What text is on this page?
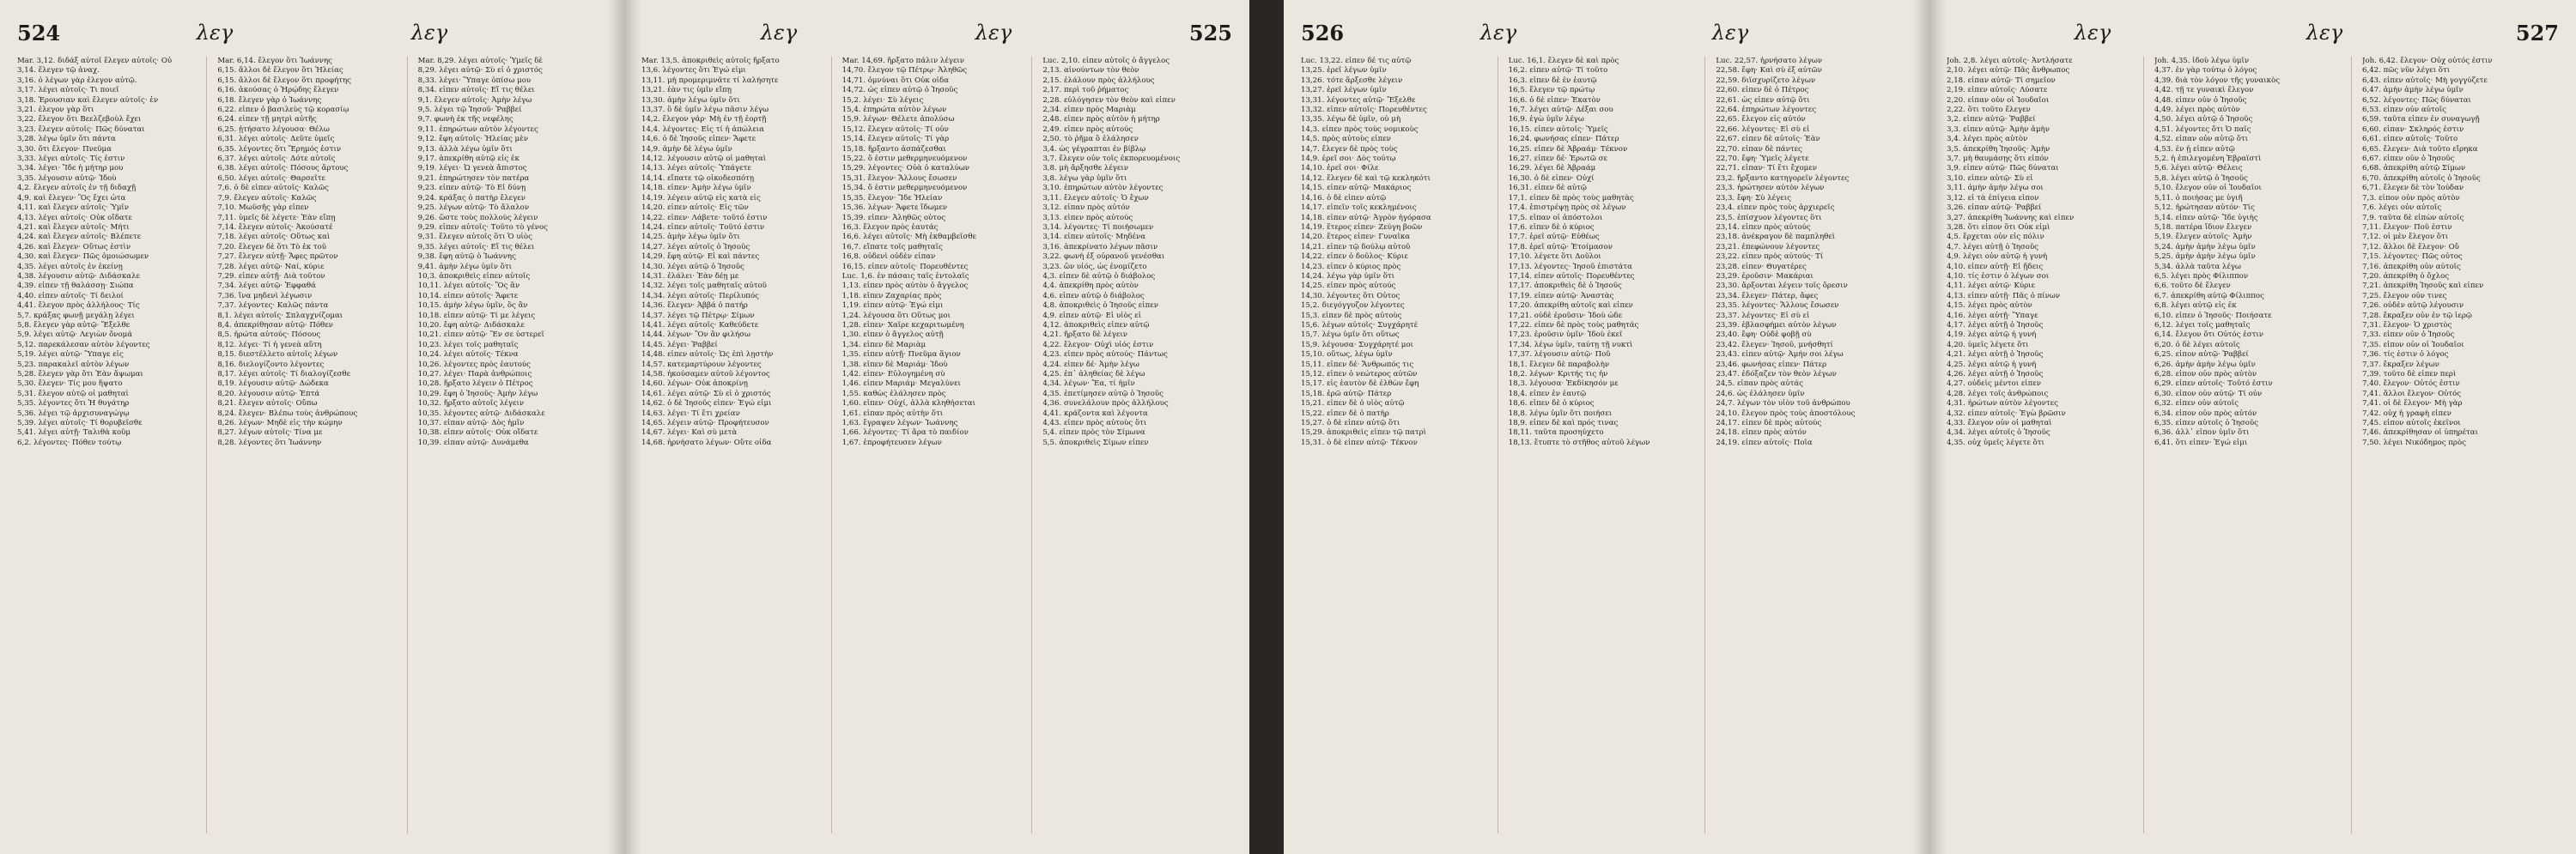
524	λεγ	λεγ
Mar. 3,12. διδάξ αὐτοῖ ἕλεγεν αὐτοῖς· Οὐ
3,14. ἕλεγεν τῷ ἁναχ.
3,16. ὁ λέγων γὰρ ἐλεγον αὐτῷ.
3,17. λέγει αὐτοῖς· Τι ποιεῖ
3,18. Ἐρουσιαν καὶ ἔλεγεν αὐτοῖς· ἐν
3,21. ἐλεγον γὰρ ὅτι
3,22. ἔλεγον ὅτι Βεελζεβοὺλ ἔχει
3,23. ἔλεγεν αὐτοῖς· Πῶς δύναται
3,28. λέγω ὑμῖν ὅτι πάντα
3,30. ὅτι ἔλεγον· Πνεῦμα
3,33. λέγει αὐτοῖς· Τίς ἐστιν
3,34. λέγει· Ἴδε ἡ μήτηρ μου
3,35. λέγουσιν αὐτῷ· Ἰδοὺ
4,2. ἔλεγεν αὐτοῖς ἐν τῇ διδαχῇ
4,9. καὶ ἔλεγεν· Ὃς ἔχει ὦτα
4,11. καὶ ἔλεγεν αὐτοῖς· Ὑμῖν
4,13. λέγει αὐτοῖς· Οὐκ οἴδατε
4,21. καὶ ἔλεγεν αὐτοῖς· Μήτι
4,24. καὶ ἔλεγεν αὐτοῖς· Βλέπετε
4,26. καὶ ἔλεγεν· Οὕτως ἐστὶν
4,30. καὶ ἔλεγεν· Πῶς ὁμοιώσωμεν
4,35. λέγει αὐτοῖς ἐν ἐκείνῃ
4,38. λέγουσιν αὐτῷ· Διδάσκαλε
4,39. εἶπεν τῇ θαλάσσῃ· Σιώπα
4,40. εἶπεν αὐτοῖς· Τί δειλοί
4,41. ἔλεγον πρὸς ἀλλήλους· Τίς
5,7. κράξας φωνῇ μεγάλῃ λέγει
5,8. ἔλεγεν γὰρ αὐτῷ· Ἔξελθε
5,9. λέγει αὐτῷ· Λεγιὼν ὄνομά
5,12. παρεκάλεσαν αὐτὸν λέγοντες
5,19. λέγει αὐτῷ· Ὕπαγε εἰς
5,23. παρακαλεῖ αὐτὸν λέγων
5,28. ἔλεγεν γὰρ ὅτι Ἐὰν ἅψωμαι
5,30. ἔλεγεν· Τίς μου ἥψατο
5,31. ἔλεγον αὐτῷ οἱ μαθηταὶ
5,35. λέγοντες ὅτι Ἡ θυγάτηρ
5,36. λέγει τῷ ἀρχισυναγώγῳ
5,39. λέγει αὐτοῖς· Τί θορυβεῖσθε
5,41. λέγει αὐτῇ· Ταλιθὰ κοῦμ
6,2. λέγοντες· Πόθεν τούτῳ
Mar. 6,14. ἔλεγον ὅτι Ἰωάννης
6,15. ἄλλοι δὲ ἔλεγον ὅτι Ἠλείας
6,15. ἄλλοι δὲ ἔλεγον ὅτι προφήτης
6,16. ἀκούσας ὁ Ἡρῴδης ἔλεγεν
6,18. ἔλεγεν γὰρ ὁ Ἰωάννης
6,22. εἶπεν ὁ βασιλεὺς τῷ κορασίῳ
6,24. εἶπεν τῇ μητρὶ αὐτῆς
6,25. ᾐτήσατο λέγουσα· Θέλω
6,31. λέγει αὐτοῖς· Δεῦτε ὑμεῖς
6,35. λέγοντες ὅτι Ἔρημός ἐστιν
6,37. λέγει αὐτοῖς· Δότε αὐτοῖς
6,38. λέγει αὐτοῖς· Πόσους ἄρτους
6,50. λέγει αὐτοῖς· Θαρσεῖτε
7,6. ὁ δὲ εἶπεν αὐτοῖς· Καλῶς
7,9. ἔλεγεν αὐτοῖς· Καλῶς
7,10. Μωϋσῆς γὰρ εἶπεν
7,11. ὑμεῖς δὲ λέγετε· Ἐὰν εἴπῃ
7,14. ἔλεγεν αὐτοῖς· Ἀκούσατέ
7,18. λέγει αὐτοῖς· Οὕτως καὶ
7,20. ἔλεγεν δὲ ὅτι Τὸ ἐκ τοῦ
7,27. ἔλεγεν αὐτῇ· Ἄφες πρῶτον
7,28. λέγει αὐτῷ· Ναί, κύριε
7,29. εἶπεν αὐτῇ· Διὰ τοῦτον
7,34. λέγει αὐτῷ· Ἐφφαθά
7,36. ἵνα μηδενὶ λέγωσιν
7,37. λέγοντες· Καλῶς πάντα
8,1. λέγει αὐτοῖς· Σπλαγχνίζομαι
8,4. ἀπεκρίθησαν αὐτῷ· Πόθεν
8,5. ἠρώτα αὐτούς· Πόσους
8,12. λέγει· Τί ἡ γενεὰ αὕτη
8,15. διεστέλλετο αὐτοῖς λέγων
8,16. διελογίζοντο λέγοντες
8,17. λέγει αὐτοῖς· Τί διαλογίζεσθε
8,19. λέγουσιν αὐτῷ· Δώδεκα
8,20. λέγουσιν αὐτῷ· Ἑπτά
8,21. ἔλεγεν αὐτοῖς· Οὔπω
8,24. ἔλεγεν· Βλέπω τοὺς ἀνθρώπους
8,26. λέγων· Μηδὲ εἰς τὴν κώμην
8,27. λέγων αὐτοῖς· Τίνα με
8,28. λέγοντες ὅτι Ἰωάννην
Mar. 8,29. λέγει αὐτοῖς· Ὑμεῖς δὲ
8,29. λέγει αὐτῷ· Σὺ εἶ ὁ χριστός
8,33. λέγει· Ὕπαγε ὀπίσω μου
8,34. εἶπεν αὐτοῖς· Εἴ τις θέλει
9,1. ἔλεγεν αὐτοῖς· Ἀμὴν λέγω
9,5. λέγει τῷ Ἰησοῦ· Ῥαββεί
9,7. φωνὴ ἐκ τῆς νεφέλης
9,11. ἐπηρώτων αὐτὸν λέγοντες
9,12. ἔφη αὐτοῖς· Ἠλείας μὲν
9,13. ἀλλὰ λέγω ὑμῖν ὅτι
9,17. ἀπεκρίθη αὐτῷ εἷς ἐκ
9,19. λέγει· Ὦ γενεὰ ἄπιστος
9,21. ἐπηρώτησεν τὸν πατέρα
9,23. εἶπεν αὐτῷ· Τὸ Εἰ δύνῃ
9,24. κράξας ὁ πατὴρ ἔλεγεν
9,25. λέγων αὐτῷ· Τὸ ἄλαλον
9,26. ὥστε τοὺς πολλοὺς λέγειν
9,29. εἶπεν αὐτοῖς· Τοῦτο τὸ γένος
9,31. ἔλεγεν αὐτοῖς ὅτι Ὁ υἱὸς
9,35. λέγει αὐτοῖς· Εἴ τις θέλει
9,38. ἔφη αὐτῷ ὁ Ἰωάννης
9,41. ἀμὴν λέγω ὑμῖν ὅτι
10,3. ἀποκριθεὶς εἶπεν αὐτοῖς
10,11. λέγει αὐτοῖς· Ὃς ἂν
10,14. εἶπεν αὐτοῖς· Ἄφετε
10,15. ἀμὴν λέγω ὑμῖν, ὃς ἂν
10,18. εἶπεν αὐτῷ· Τί με λέγεις
10,20. ἔφη αὐτῷ· Διδάσκαλε
10,21. εἶπεν αὐτῷ· Ἕν σε ὑστερεῖ
10,23. λέγει τοῖς μαθηταῖς
10,24. λέγει αὐτοῖς· Τέκνα
10,26. λέγοντες πρὸς ἑαυτούς
10,27. λέγει· Παρὰ ἀνθρώποις
10,28. ἤρξατο λέγειν ὁ Πέτρος
10,29. ἔφη ὁ Ἰησοῦς· Ἀμὴν λέγω
10,32. ἤρξατο αὐτοῖς λέγειν
10,35. λέγοντες αὐτῷ· Διδάσκαλε
10,37. εἶπαν αὐτῷ· Δὸς ἡμῖν
10,38. εἶπεν αὐτοῖς· Οὐκ οἴδατε
10,39. εἶπαν αὐτῷ· Δυνάμεθα
λεγ	λεγ	525
Mar. 13,5. ἀποκριθεὶς αὐτοῖς ἤρξατο
13,6. λέγοντες ὅτι Ἐγώ εἰμι
13,11. μὴ προμεριμνᾶτε τί λαλήσητε
13,21. ἐὰν τις ὑμῖν εἴπῃ
13,30. ἀμὴν λέγω ὑμῖν ὅτι
13,37. ὃ δὲ ὑμῖν λέγω πᾶσιν λέγω
14,2. ἔλεγον γάρ· Μὴ ἐν τῇ ἑορτῇ
14,4. λέγοντες· Εἰς τί ἡ ἀπώλεια
14,6. ὁ δὲ Ἰησοῦς εἶπεν· Ἄφετε
14,9. ἀμὴν δὲ λέγω ὑμῖν
14,12. λέγουσιν αὐτῷ οἱ μαθηταὶ
14,13. λέγει αὐτοῖς· Ὑπάγετε
14,14. εἴπατε τῷ οἰκοδεσπότῃ
14,18. εἶπεν· Ἀμὴν λέγω ὑμῖν
14,19. λέγειν αὐτῷ εἷς κατὰ εἷς
14,20. εἶπεν αὐτοῖς· Εἷς τῶν
14,22. εἶπεν· Λάβετε· τοῦτό ἐστιν
14,24. εἶπεν αὐτοῖς· Τοῦτό ἐστιν
14,25. ἀμὴν λέγω ὑμῖν ὅτι
14,27. λέγει αὐτοῖς ὁ Ἰησοῦς
14,29. ἔφη αὐτῷ· Εἰ καὶ πάντες
14,30. λέγει αὐτῷ ὁ Ἰησοῦς
14,31. ἐλάλει· Ἐὰν δέῃ με
14,32. λέγει τοῖς μαθηταῖς αὐτοῦ
14,34. λέγει αὐτοῖς· Περίλυπός
14,36. ἔλεγεν· Ἀββά ὁ πατήρ
14,37. λέγει τῷ Πέτρῳ· Σίμων
14,41. λέγει αὐτοῖς· Καθεύδετε
14,44. λέγων· Ὃν ἂν φιλήσω
14,45. λέγει· Ῥαββεί
14,48. εἶπεν αὐτοῖς· Ὡς ἐπὶ λῃστὴν
14,57. κατεμαρτύρουν λέγοντες
14,58. ἠκούσαμεν αὐτοῦ λέγοντος
14,60. λέγων· Οὐκ ἀποκρίνῃ
14,61. λέγει αὐτῷ· Σὺ εἶ ὁ χριστός
14,62. ὁ δὲ Ἰησοῦς εἶπεν· Ἐγώ εἰμι
14,63. λέγει· Τί ἔτι χρείαν
14,65. λέγειν αὐτῷ· Προφήτευσον
14,67. λέγει· Καὶ σὺ μετὰ
14,68. ἠρνήσατο λέγων· Οὔτε οἶδα
Mar. 14,69. ἤρξατο πάλιν λέγειν
14,70. ἔλεγον τῷ Πέτρῳ· Ἀληθῶς
14,71. ὀμνύναι ὅτι Οὐκ οἶδα
14,72. ὡς εἶπεν αὐτῷ ὁ Ἰησοῦς
15,2. λέγει· Σὺ λέγεις
15,4. ἐπηρώτα αὐτὸν λέγων
15,9. λέγων· Θέλετε ἀπολύσω
15,12. ἔλεγεν αὐτοῖς· Τί οὖν
15,14. ἔλεγεν αὐτοῖς· Τί γὰρ
15,18. ἤρξαντο ἀσπάζεσθαι
15,22. ὅ ἐστιν μεθερμηνευόμενον
15,29. λέγοντες· Οὐὰ ὁ καταλύων
15,31. ἔλεγον· Ἄλλους ἔσωσεν
15,34. ὅ ἐστιν μεθερμηνευόμενον
15,35. ἔλεγον· Ἴδε Ἠλείαν
15,36. λέγων· Ἄφετε ἴδωμεν
15,39. εἶπεν· Ἀληθῶς οὗτος
16,3. ἔλεγον πρὸς ἑαυτάς
16,6. λέγει αὐτοῖς· Μὴ ἐκθαμβεῖσθε
16,7. εἴπατε τοῖς μαθηταῖς
16,8. οὐδενὶ οὐδὲν εἶπαν
16,15. εἶπεν αὐτοῖς· Πορευθέντες
Luc. 1,6. ἐν πάσαις ταῖς ἐντολαῖς
1,13. εἶπεν πρὸς αὐτὸν ὁ ἄγγελος
1,18. εἶπεν Ζαχαρίας πρὸς
1,19. εἶπεν αὐτῷ· Ἐγώ εἰμι
1,24. λέγουσα ὅτι Οὕτως μοι
1,28. εἶπεν· Χαῖρε κεχαριτωμένη
1,30. εἶπεν ὁ ἄγγελος αὐτῇ
1,34. εἶπεν δὲ Μαριὰμ
1,35. εἶπεν αὐτῇ· Πνεῦμα ἅγιον
1,38. εἶπεν δὲ Μαριάμ· Ἰδοὺ
1,42. εἶπεν· Εὐλογημένη σὺ
1,46. εἶπεν Μαριάμ· Μεγαλύνει
1,55. καθὼς ἐλάλησεν πρὸς
1,60. εἶπεν· Οὐχί, ἀλλὰ κληθήσεται
1,61. εἶπαν πρὸς αὐτὴν ὅτι
1,63. ἔγραψεν λέγων· Ἰωάννης
1,66. λέγοντες· Τί ἄρα τὸ παιδίον
1,67. ἐπροφήτευσεν λέγων
Luc. 2,10. εἶπεν αὐτοῖς ὁ ἄγγελος
2,13. αἰνούντων τὸν θεὸν
2,15. ἐλάλουν πρὸς ἀλλήλους
2,17. περὶ τοῦ ῥήματος
2,28. εὐλόγησεν τὸν θεὸν καὶ εἶπεν
2,34. εἶπεν πρὸς Μαριὰμ
2,48. εἶπεν πρὸς αὐτὸν ἡ μήτηρ
2,49. εἶπεν πρὸς αὐτούς
2,50. τὸ ῥῆμα ὃ ἐλάλησεν
3,4. ὡς γέγραπται ἐν βίβλῳ
3,7. ἔλεγεν οὖν τοῖς ἐκπορευομένοις
3,8. μὴ ἄρξησθε λέγειν
3,8. λέγω γὰρ ὑμῖν ὅτι
3,10. ἐπηρώτων αὐτὸν λέγοντες
3,11. ἔλεγεν αὐτοῖς· Ὁ ἔχων
3,12. εἶπαν πρὸς αὐτόν
3,13. εἶπεν πρὸς αὐτούς
3,14. λέγοντες· Τί ποιήσωμεν
3,14. εἶπεν αὐτοῖς· Μηδένα
3,16. ἀπεκρίνατο λέγων πᾶσιν
3,22. φωνὴ ἐξ οὐρανοῦ γενέσθαι
3,23. ὢν υἱός, ὡς ἐνομίζετο
4,3. εἶπεν δὲ αὐτῷ ὁ διάβολος
4,4. ἀπεκρίθη πρὸς αὐτὸν
4,6. εἶπεν αὐτῷ ὁ διάβολος
4,8. ἀποκριθεὶς ὁ Ἰησοῦς εἶπεν
4,9. εἶπεν αὐτῷ· Εἰ υἱὸς εἶ
4,12. ἀποκριθεὶς εἶπεν αὐτῷ
4,21. ἤρξατο δὲ λέγειν
4,22. ἔλεγον· Οὐχὶ υἱός ἐστιν
4,23. εἶπεν πρὸς αὐτούς· Πάντως
4,24. εἶπεν δέ· Ἀμὴν λέγω
4,25. ἐπ᾽ ἀληθείας δὲ λέγω
4,34. λέγων· Ἔα, τί ἡμῖν
4,35. ἐπετίμησεν αὐτῷ ὁ Ἰησοῦς
4,36. συνελάλουν πρὸς ἀλλήλους
4,41. κράζοντα καὶ λέγοντα
4,43. εἶπεν πρὸς αὐτοὺς ὅτι
5,4. εἶπεν πρὸς τὸν Σίμωνα
5,5. ἀποκριθεὶς Σίμων εἶπεν
526	λεγ	λεγ
Luc. 13,22. εἶπεν δέ τις αὐτῷ
13,25. ἐρεῖ λέγων ὑμῖν
13,26. τότε ἄρξεσθε λέγειν
13,27. ἐρεῖ λέγων ὑμῖν
13,31. λέγοντες αὐτῷ· Ἔξελθε
13,32. εἶπεν αὐτοῖς· Πορευθέντες
13,35. λέγω δὲ ὑμῖν, οὐ μὴ
14,3. εἶπεν πρὸς τοὺς νομικοὺς
14,5. πρὸς αὐτοὺς εἶπεν
14,7. ἔλεγεν δὲ πρὸς τοὺς
14,9. ἐρεῖ σοι· Δὸς τούτῳ
14,10. ἐρεῖ σοι· Φίλε
14,12. ἔλεγεν δὲ καὶ τῷ κεκληκότι
14,15. εἶπεν αὐτῷ· Μακάριος
14,16. ὁ δὲ εἶπεν αὐτῷ
14,17. εἰπεῖν τοῖς κεκλημένοις
14,18. εἶπεν αὐτῷ· Ἀγρὸν ἠγόρασα
14,19. ἕτερος εἶπεν· Ζεύγη βοῶν
14,20. ἕτερος εἶπεν· Γυναῖκα
14,21. εἶπεν τῷ δούλῳ αὐτοῦ
14,22. εἶπεν ὁ δοῦλος· Κύριε
14,23. εἶπεν ὁ κύριος πρὸς
14,24. λέγω γὰρ ὑμῖν ὅτι
14,25. εἶπεν πρὸς αὐτούς
14,30. λέγοντες ὅτι Οὗτος
15,2. διεγόγγυζον λέγοντες
15,3. εἶπεν δὲ πρὸς αὐτοὺς
15,6. λέγων αὐτοῖς· Συγχάρητέ
15,7. λέγω ὑμῖν ὅτι οὕτως
15,9. λέγουσα· Συγχάρητέ μοι
15,10. οὕτως, λέγω ὑμῖν
15,11. εἶπεν δέ· Ἄνθρωπός τις
15,12. εἶπεν ὁ νεώτερος αὐτῶν
15,17. εἰς ἑαυτὸν δὲ ἐλθὼν ἔφη
15,18. ἐρῶ αὐτῷ· Πάτερ
15,21. εἶπεν δὲ ὁ υἱὸς αὐτῷ
15,22. εἶπεν δὲ ὁ πατὴρ
15,27. ὁ δὲ εἶπεν αὐτῷ ὅτι
15,29. ἀποκριθεὶς εἶπεν τῷ πατρὶ
15,31. ὁ δὲ εἶπεν αὐτῷ· Τέκνον
Luc. 16,1. ἔλεγεν δὲ καὶ πρὸς
16,2. εἶπεν αὐτῷ· Τί τοῦτο
16,3. εἶπεν δὲ ἐν ἑαυτῷ
16,5. ἔλεγεν τῷ πρώτῳ
16,6. ὁ δὲ εἶπεν· Ἑκατὸν
16,7. λέγει αὐτῷ· Δέξαι σου
16,9. ἐγὼ ὑμῖν λέγω
16,15. εἶπεν αὐτοῖς· Ὑμεῖς
16,24. φωνήσας εἶπεν· Πάτερ
16,25. εἶπεν δὲ Ἀβραάμ· Τέκνον
16,27. εἶπεν δέ· Ἐρωτῶ σε
16,29. λέγει δὲ Ἀβραάμ
16,30. ὁ δὲ εἶπεν· Οὐχί
16,31. εἶπεν δὲ αὐτῷ
17,1. εἶπεν δὲ πρὸς τοὺς μαθητὰς
17,4. ἐπιστρέψῃ πρὸς σὲ λέγων
17,5. εἶπαν οἱ ἀπόστολοι
17,6. εἶπεν δὲ ὁ κύριος
17,7. ἐρεῖ αὐτῷ· Εὐθέως
17,8. ἐρεῖ αὐτῷ· Ἑτοίμασον
17,10. λέγετε ὅτι Δοῦλοι
17,13. λέγοντες· Ἰησοῦ ἐπιστάτα
17,14. εἶπεν αὐτοῖς· Πορευθέντες
17,17. ἀποκριθεὶς δὲ ὁ Ἰησοῦς
17,19. εἶπεν αὐτῷ· Ἀναστὰς
17,20. ἀπεκρίθη αὐτοῖς καὶ εἶπεν
17,21. οὐδὲ ἐροῦσιν· Ἰδοὺ ὧδε
17,22. εἶπεν δὲ πρὸς τοὺς μαθητάς
17,23. ἐροῦσιν ὑμῖν· Ἰδοὺ ἐκεῖ
17,34. λέγω ὑμῖν, ταύτῃ τῇ νυκτὶ
17,37. λέγουσιν αὐτῷ· Ποῦ
18,1. ἔλεγεν δὲ παραβολὴν
18,2. λέγων· Κριτής τις ἦν
18,3. λέγουσα· Ἐκδίκησόν με
18,4. εἶπεν ἐν ἑαυτῷ
18,6. εἶπεν δὲ ὁ κύριος
18,8. λέγω ὑμῖν ὅτι ποιήσει
18,9. εἶπεν δὲ καὶ πρός τινας
18,11. ταῦτα προσηύχετο
18,13. ἔτυπτε τὸ στῆθος αὐτοῦ λέγων
Luc. 22,57. ἠρνήσατο λέγων
22,58. ἔφη· Καὶ σὺ ἐξ αὐτῶν
22,59. διϊσχυρίζετο λέγων
22,60. εἶπεν δὲ ὁ Πέτρος
22,61. ὡς εἶπεν αὐτῷ ὅτι
22,64. ἐπηρώτων λέγοντες
22,65. ἔλεγον εἰς αὐτόν
22,66. λέγοντες· Εἰ σὺ εἶ
22,67. εἶπεν δὲ αὐτοῖς· Ἐὰν
22,70. εἶπαν δὲ πάντες
22,70. ἔφη· Ὑμεῖς λέγετε
22,71. εἶπαν· Τί ἔτι ἔχομεν
23,2. ἤρξαντο κατηγορεῖν λέγοντες
23,3. ἠρώτησεν αὐτὸν λέγων
23,3. ἔφη· Σὺ λέγεις
23,4. εἶπεν πρὸς τοὺς ἀρχιερεῖς
23,5. ἐπίσχυον λέγοντες ὅτι
23,14. εἶπεν πρὸς αὐτούς
23,18. ἀνέκραγον δὲ παμπληθεὶ
23,21. ἐπεφώνουν λέγοντες
23,22. εἶπεν πρὸς αὐτούς· Τί
23,28. εἶπεν· Θυγατέρες
23,29. ἐροῦσιν· Μακάριαι
23,30. ἄρξονται λέγειν τοῖς ὄρεσιν
23,34. ἔλεγεν· Πάτερ, ἄφες
23,35. λέγοντες· Ἄλλους ἔσωσεν
23,37. λέγοντες· Εἰ σὺ εἶ
23,39. ἐβλασφήμει αὐτὸν λέγων
23,40. ἔφη· Οὐδὲ φοβῇ σὺ
23,42. ἔλεγεν· Ἰησοῦ, μνήσθητί
23,43. εἶπεν αὐτῷ· Ἀμήν σοι λέγω
23,46. φωνήσας εἶπεν· Πάτερ
23,47. ἐδόξαζεν τὸν θεὸν λέγων
24,5. εἶπαν πρὸς αὐτάς
24,6. ὡς ἐλάλησεν ὑμῖν
24,7. λέγων τὸν υἱὸν τοῦ ἀνθρώπου
24,10. ἔλεγον πρὸς τοὺς ἀποστόλους
24,17. εἶπεν δὲ πρὸς αὐτούς
24,18. εἶπεν πρὸς αὐτόν
24,19. εἶπεν αὐτοῖς· Ποῖα
λεγ	λεγ	527
Joh. 2,8. λέγει αὐτοῖς· Ἀντλήσατε
2,10. λέγει αὐτῷ· Πᾶς ἄνθρωπος
2,18. εἶπαν αὐτῷ· Τί σημεῖον
2,19. εἶπεν αὐτοῖς· Λύσατε
2,20. εἶπαν οὖν οἱ Ἰουδαῖοι
2,22. ὅτι τοῦτο ἔλεγεν
3,2. εἶπεν αὐτῷ· Ῥαββεί
3,3. εἶπεν αὐτῷ· Ἀμὴν ἀμὴν
3,4. λέγει πρὸς αὐτὸν
3,5. ἀπεκρίθη Ἰησοῦς· Ἀμὴν
3,7. μὴ θαυμάσῃς ὅτι εἶπόν
3,9. εἶπεν αὐτῷ· Πῶς δύναται
3,10. εἶπεν αὐτῷ· Σὺ εἶ
3,11. ἀμὴν ἀμὴν λέγω σοι
3,12. εἰ τὰ ἐπίγεια εἶπον
3,26. εἶπαν αὐτῷ· Ῥαββεί
3,27. ἀπεκρίθη Ἰωάννης καὶ εἶπεν
3,28. ὅτι εἶπον ὅτι Οὐκ εἰμὶ
4,5. ἔρχεται οὖν εἰς πόλιν
4,7. λέγει αὐτῇ ὁ Ἰησοῦς
4,9. λέγει οὖν αὐτῷ ἡ γυνὴ
4,10. εἶπεν αὐτῇ· Εἰ ᾔδεις
4,10. τίς ἐστιν ὁ λέγων σοι
4,11. λέγει αὐτῷ· Κύριε
4,13. εἶπεν αὐτῇ· Πᾶς ὁ πίνων
4,15. λέγει πρὸς αὐτὸν
4,16. λέγει αὐτῇ· Ὕπαγε
4,17. λέγει αὐτῇ ὁ Ἰησοῦς
4,19. λέγει αὐτῷ ἡ γυνή
4,20. ὑμεῖς λέγετε ὅτι
4,21. λέγει αὐτῇ ὁ Ἰησοῦς
4,25. λέγει αὐτῷ ἡ γυνή
4,26. λέγει αὐτῇ ὁ Ἰησοῦς
4,27. οὐδεὶς μέντοι εἶπεν
4,28. λέγει τοῖς ἀνθρώποις
4,31. ἠρώτων αὐτὸν λέγοντες
4,32. εἶπεν αὐτοῖς· Ἐγὼ βρῶσιν
4,33. ἔλεγον οὖν οἱ μαθηταὶ
4,34. λέγει αὐτοῖς ὁ Ἰησοῦς
4,35. οὐχ ὑμεῖς λέγετε ὅτι
Joh. 4,35. ἰδοὺ λέγω ὑμῖν
4,37. ἐν γὰρ τούτῳ ὁ λόγος
4,39. διὰ τὸν λόγον τῆς γυναικὸς
4,42. τῇ τε γυναικὶ ἔλεγον
4,48. εἶπεν οὖν ὁ Ἰησοῦς
4,49. λέγει πρὸς αὐτὸν
4,50. λέγει αὐτῷ ὁ Ἰησοῦς
4,51. λέγοντες ὅτι Ὁ παῖς
4,52. εἶπαν οὖν αὐτῷ ὅτι
4,53. ἐν ᾗ εἶπεν αὐτῷ
5,2. ἡ ἐπιλεγομένη Ἑβραϊστὶ
5,6. λέγει αὐτῷ· Θέλεις
5,8. λέγει αὐτῷ ὁ Ἰησοῦς
5,10. ἔλεγον οὖν οἱ Ἰουδαῖοι
5,11. ὁ ποιήσας με ὑγιῆ
5,12. ἠρώτησαν αὐτόν· Τίς
5,14. εἶπεν αὐτῷ· Ἴδε ὑγιὴς
5,18. πατέρα ἴδιον ἔλεγεν
5,19. ἔλεγεν αὐτοῖς· Ἀμὴν
5,24. ἀμὴν ἀμὴν λέγω ὑμῖν
5,25. ἀμὴν ἀμὴν λέγω ὑμῖν
5,34. ἀλλὰ ταῦτα λέγω
6,5. λέγει πρὸς Φίλιππον
6,6. τοῦτο δὲ ἔλεγεν
6,7. ἀπεκρίθη αὐτῷ Φίλιππος
6,8. λέγει αὐτῷ εἷς ἐκ
6,10. εἶπεν ὁ Ἰησοῦς· Ποιήσατε
6,12. λέγει τοῖς μαθηταῖς
6,14. ἔλεγον ὅτι Οὗτός ἐστιν
6,20. ὁ δὲ λέγει αὐτοῖς
6,25. εἶπον αὐτῷ· Ῥαββεί
6,26. ἀμὴν ἀμὴν λέγω ὑμῖν
6,28. εἶπον οὖν πρὸς αὐτὸν
6,29. εἶπεν αὐτοῖς· Τοῦτό ἐστιν
6,30. εἶπον οὖν αὐτῷ· Τί οὖν
6,32. εἶπεν οὖν αὐτοῖς
6,34. εἶπον οὖν πρὸς αὐτόν
6,35. εἶπεν αὐτοῖς ὁ Ἰησοῦς
6,36. ἀλλ᾽ εἶπον ὑμῖν ὅτι
6,41. ὅτι εἶπεν· Ἐγώ εἰμι
Joh. 6,42. ἔλεγον· Οὐχ οὗτός ἐστιν
6,42. πῶς νῦν λέγει ὅτι
6,43. εἶπεν αὐτοῖς· Μὴ γογγύζετε
6,47. ἀμὴν ἀμὴν λέγω ὑμῖν
6,52. λέγοντες· Πῶς δύναται
6,53. εἶπεν οὖν αὐτοῖς
6,59. ταῦτα εἶπεν ἐν συναγωγῇ
6,60. εἶπαν· Σκληρός ἐστιν
6,61. εἶπεν αὐτοῖς· Τοῦτο
6,65. ἔλεγεν· Διὰ τοῦτο εἴρηκα
6,67. εἶπεν οὖν ὁ Ἰησοῦς
6,68. ἀπεκρίθη αὐτῷ Σίμων
6,70. ἀπεκρίθη αὐτοῖς ὁ Ἰησοῦς
6,71. ἔλεγεν δὲ τὸν Ἰούδαν
7,3. εἶπον οὖν πρὸς αὐτὸν
7,6. λέγει οὖν αὐτοῖς
7,9. ταῦτα δὲ εἰπὼν αὐτοῖς
7,11. ἔλεγον· Ποῦ ἐστιν
7,12. οἱ μὲν ἔλεγον ὅτι
7,12. ἄλλοι δὲ ἔλεγον· Οὔ
7,15. λέγοντες· Πῶς οὗτος
7,16. ἀπεκρίθη οὖν αὐτοῖς
7,20. ἀπεκρίθη ὁ ὄχλος
7,21. ἀπεκρίθη Ἰησοῦς καὶ εἶπεν
7,25. ἔλεγον οὖν τινες
7,26. οὐδὲν αὐτῷ λέγουσιν
7,28. ἔκραξεν οὖν ἐν τῷ ἱερῷ
7,31. ἔλεγον· Ὁ χριστὸς
7,33. εἶπεν οὖν ὁ Ἰησοῦς
7,35. εἶπον οὖν οἱ Ἰουδαῖοι
7,36. τίς ἐστιν ὁ λόγος
7,37. ἔκραξεν λέγων
7,39. τοῦτο δὲ εἶπεν περὶ
7,40. ἔλεγον· Οὗτός ἐστιν
7,41. ἄλλοι ἔλεγον· Οὗτός
7,41. οἱ δὲ ἔλεγον· Μὴ γὰρ
7,42. οὐχ ἡ γραφὴ εἶπεν
7,45. εἶπον αὐτοῖς ἐκεῖνοι
7,46. ἀπεκρίθησαν οἱ ὑπηρέται
7,50. λέγει Νικόδημος πρὸς
